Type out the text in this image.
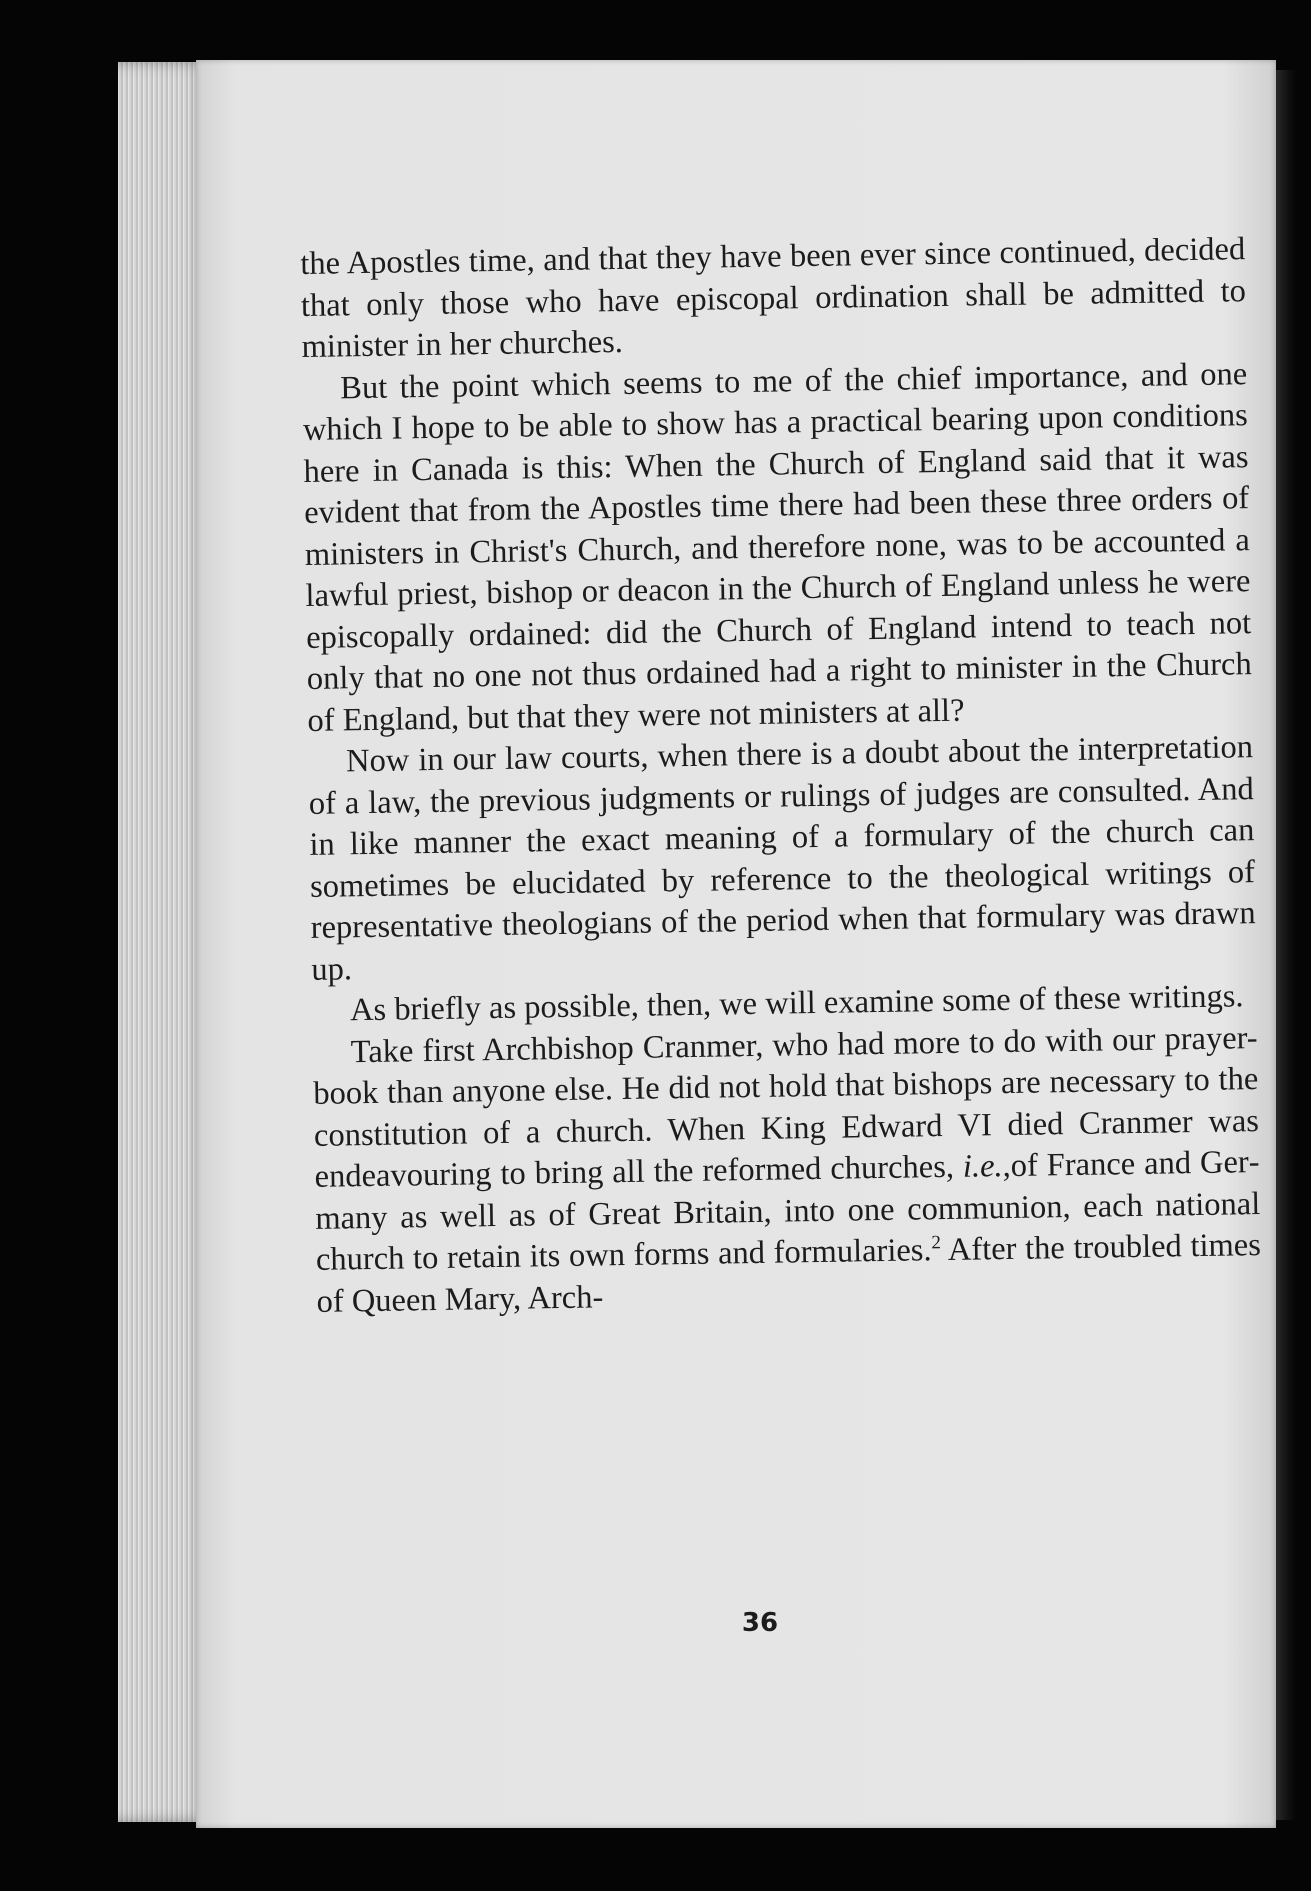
the Apostles time, and that they have been ever since continued, decided that only those who have episcopal ordination shall be admitted to minister in her churches.

But the point which seems to me of the chief importance, and one which I hope to be able to show has a practical bearing upon conditions here in Canada is this: When the Church of England said that it was evident that from the Apostles time there had been these three orders of ministers in Christ's Church, and therefore none, was to be accounted a lawful priest, bishop or deacon in the Church of England unless he were episcopally ordained: did the Church of England intend to teach not only that no one not thus ordained had a right to minister in the Church of England, but that they were not ministers at all?

Now in our law courts, when there is a doubt about the interpretation of a law, the previous judgments or rulings of judges are consulted. And in like manner the exact meaning of a formulary of the church can sometimes be elucidated by reference to the theological writings of representative theologians of the period when that formulary was drawn up.

As briefly as possible, then, we will examine some of these writings.

Take first Archbishop Cranmer, who had more to do with our prayer-book than anyone else. He did not hold that bishops are necessary to the constitution of a church. When King Edward VI died Cranmer was endeavouring to bring all the reformed churches, i.e.,of France and Germany as well as of Great Britain, into one communion, each national church to retain its own forms and formularies.$^2$ After the troubled times of Queen Mary, Arch-

36
